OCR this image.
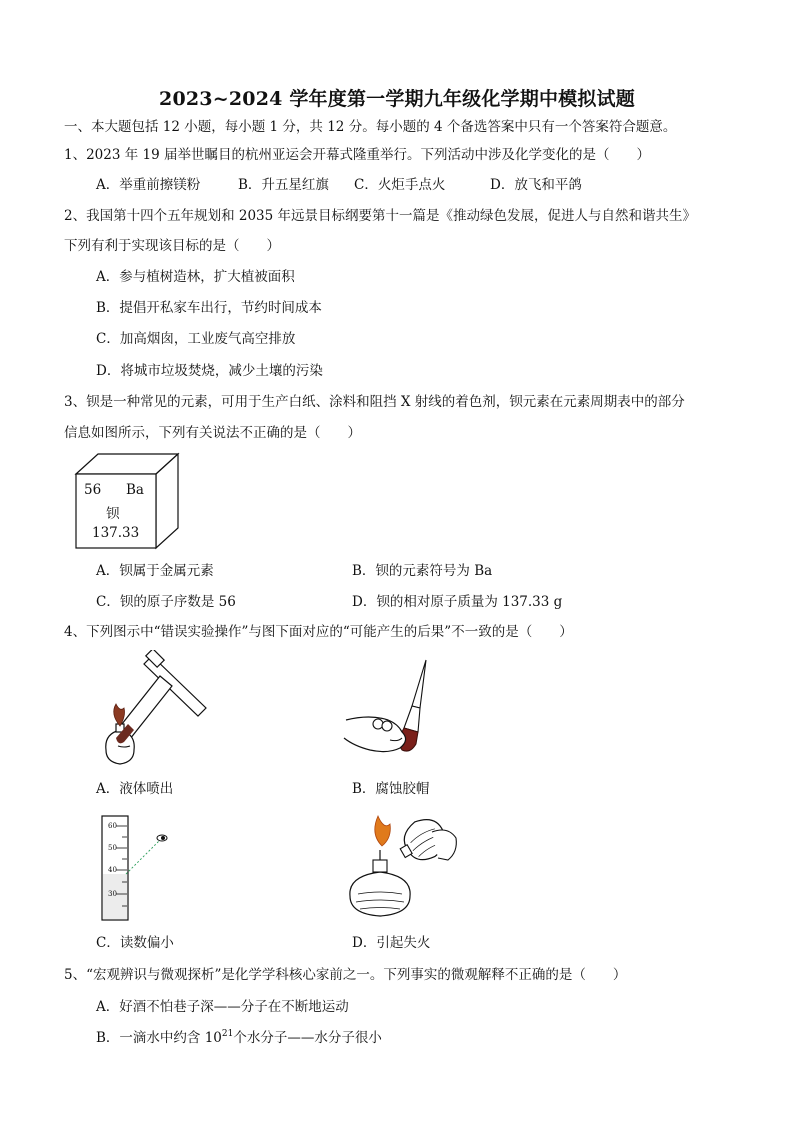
2023~2024 学年度第一学期九年级化学期中模拟试题
一、本大题包括 12 小题，每小题 1 分，共 12 分。每小题的 4 个备选答案中只有一个答案符合题意。
1、2023 年 19 届举世瞩目的杭州亚运会开幕式隆重举行。下列活动中涉及化学变化的是（　　）
A．举重前擦镁粉	B．升五星红旗 C．火炬手点火	D．放飞和平鸽
2、我国第十四个五年规划和 2035 年远景目标纲要第十一篇是《推动绿色发展，促进人与自然和谐共生》
下列有利于实现该目标的是（　　）
A．参与植树造林，扩大植被面积
B．提倡开私家车出行，节约时间成本
C．加高烟囱，工业废气高空排放
D．将城市垃圾焚烧，减少土壤的污染
3、钡是一种常见的元素，可用于生产白纸、涂料和阻挡 X 射线的着色剂，钡元素在元素周期表中的部分
信息如图所示，下列有关说法不正确的是（　　）
56 Ba
钡
137.33
A．钡属于金属元素	B．钡的元素符号为 Ba
C．钡的原子序数是 56	D．钡的相对原子质量为 137.33 g
4、下列图示中“错误实验操作”与图下面对应的“可能产生的后果”不一致的是（　　）
A．液体喷出	B．腐蚀胶帽
60
50
40
30
C．读数偏小	D．引起失火
5、“宏观辨识与微观探析”是化学学科核心家前之一。下列事实的微观解释不正确的是（　　）
A．好酒不怕巷子深——分子在不断地运动
B．一滴水中约含 $10^{21}$个水分子——水分子很小
